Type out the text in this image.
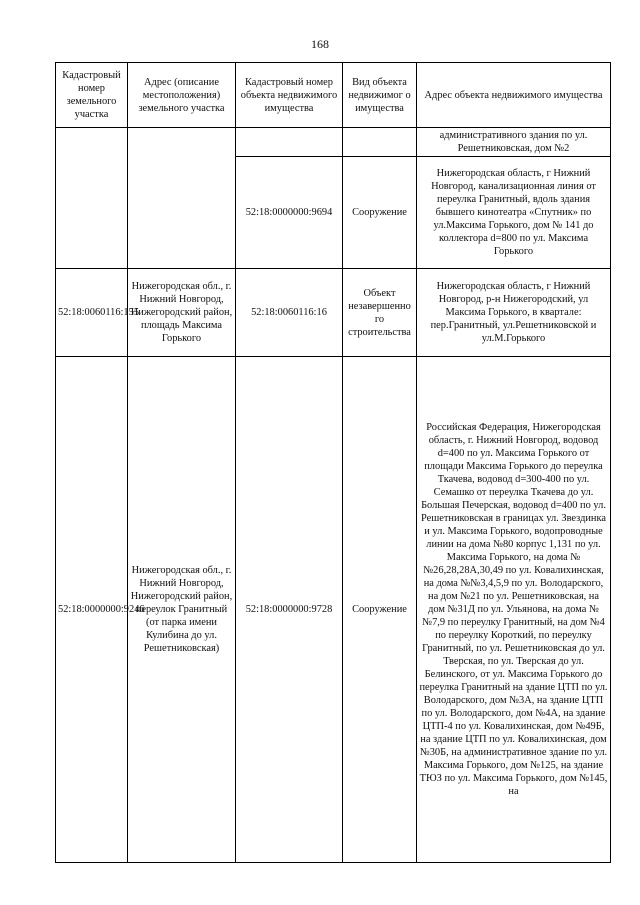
168
Кадастровый номер земельного участка	Адрес (описание местоположения) земельного участка	Кадастровый номер объекта недвижимого имущества	Вид объекта недвижимог о имущества	Адрес объекта недвижимого имущества
				административного здания по ул. Решетниковская, дом №2
		52:18:0000000:9694	Сооружение	Нижегородская область, г Нижний Новгород, канализационная линия от переулка Гранитный, вдоль здания бывшего кинотеатра «Спутник» по ул.Максима Горького, дом № 141 до коллектора d=800 по ул. Максима Горького
52:18:0060116:155	Нижегородская обл., г. Нижний Новгород, Нижегородский район, площадь Максима Горького	52:18:0060116:16	Объект незавершенно го строительства	Нижегородская область, г Нижний Новгород, р-н Нижегородский, ул Максима Горького, в квартале: пер.Гранитный, ул.Решетниковской и ул.М.Горького
52:18:0000000:9246	Нижегородская обл., г. Нижний Новгород, Нижегородский район, переулок Гранитный (от парка имени Кулибина до ул. Решетниковская)	52:18:0000000:9728	Сооружение	Российская Федерация, Нижегородская область, г. Нижний Новгород, водовод d=400 по ул. Максима Горького от площади Максима Горького до переулка Ткачева, водовод d=300-400 по ул. Семашко от переулка Ткачева до ул. Большая Печерская, водовод d=400 по ул. Решетниковская в границах ул. Звездинка и ул. Максима Горького, водопроводные линии на дома №80 корпус 1,131 по ул. Максима Горького, на дома №№26,28,28А,30,49 по ул. Ковалихинская, на дома №№3,4,5,9 по ул. Володарского, на дом №21 по ул. Решетниковская, на дом №31Д по ул. Ульянова, на дома №№7,9 по переулку Гранитный, на дом №4 по переулку Короткий, по переулку Гранитный, по ул. Решетниковская до ул. Тверская, по ул. Тверская до ул. Белинского, от ул. Максима Горького до переулка Гранитный на здание ЦТП по ул. Володарского, дом №3А, на здание ЦТП по ул. Володарского, дом №4А, на здание ЦТП-4 по ул. Ковалихинская, дом №49Б, на здание ЦТП по ул. Ковалихинская, дом №30Б, на административное здание по ул. Максима Горького, дом №125, на здание ТЮЗ по ул. Максима Горького, дом №145, на
